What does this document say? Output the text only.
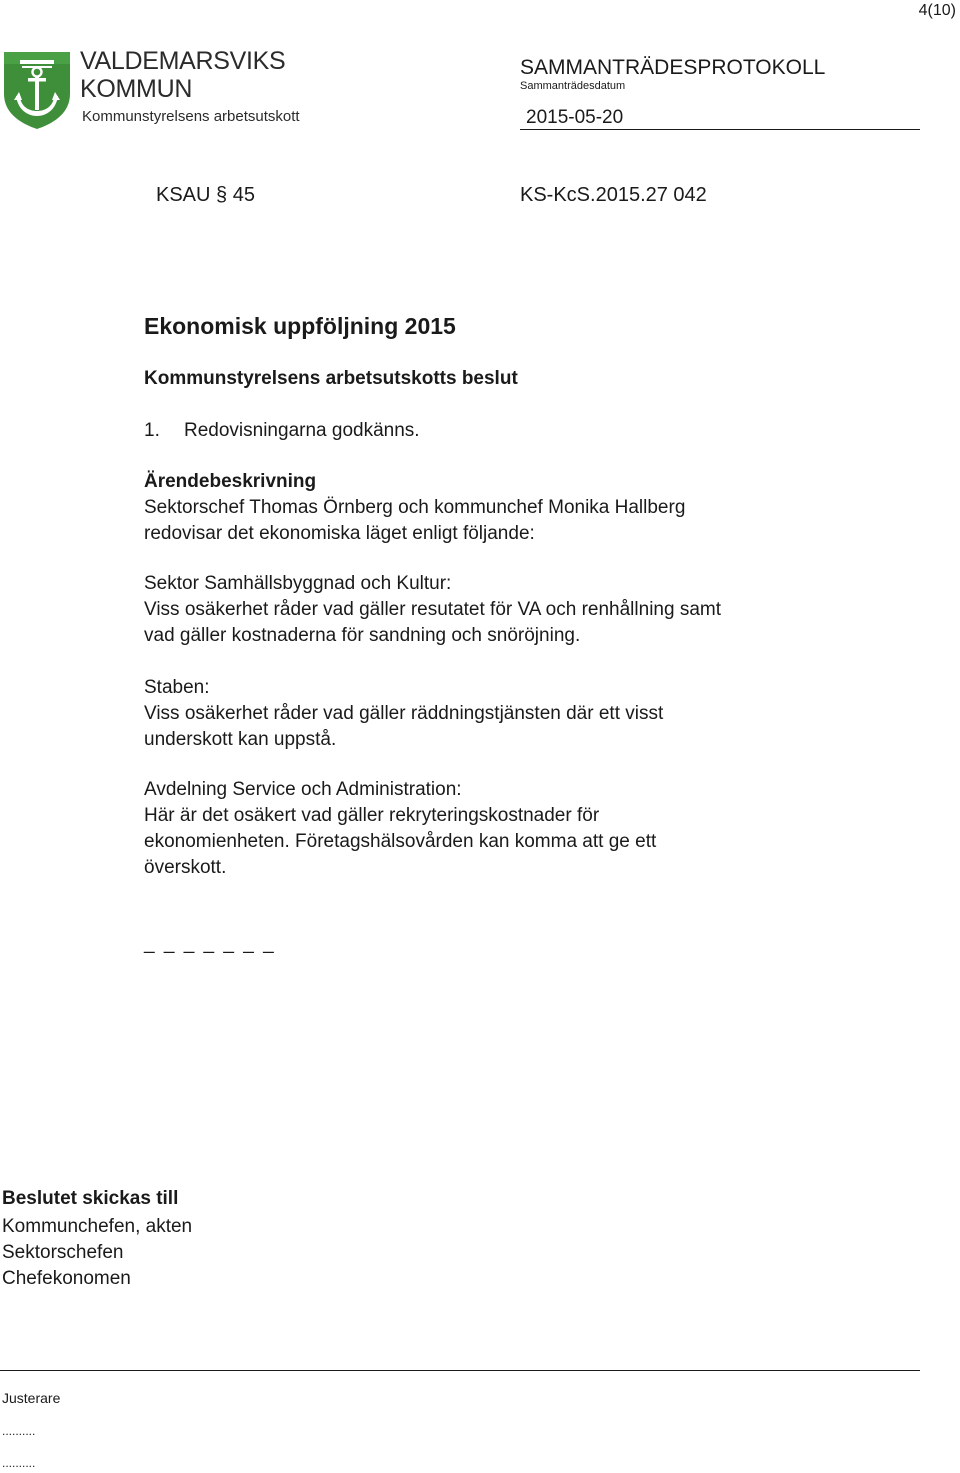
4(10)
VALDEMARSVIKS
KOMMUN
Kommunstyrelsens arbetsutskott
SAMMANTRÄDESPROTOKOLL
Sammanträdesdatum
2015-05-20
KSAU § 45	KS-KcS.2015.27 042
Ekonomisk uppföljning 2015
Kommunstyrelsens arbetsutskotts beslut
1. Redovisningarna godkänns.
Ärendebeskrivning
Sektorschef Thomas Örnberg och kommunchef Monika Hallberg
redovisar det ekonomiska läget enligt följande:
Sektor Samhällsbyggnad och Kultur:
Viss osäkerhet råder vad gäller resutatet för VA och renhållning samt
vad gäller kostnaderna för sandning och snöröjning.
Staben:
Viss osäkerhet råder vad gäller räddningstjänsten där ett visst
underskott kan uppstå.
Avdelning Service och Administration:
Här är det osäkert vad gäller rekryteringskostnader för
ekonomienheten. Företagshälsovården kan komma att ge ett
överskott.
_ _ _ _ _ _ _
Beslutet skickas till
Kommunchefen, akten
Sektorschefen
Chefekonomen
Justerare
..........
..........
